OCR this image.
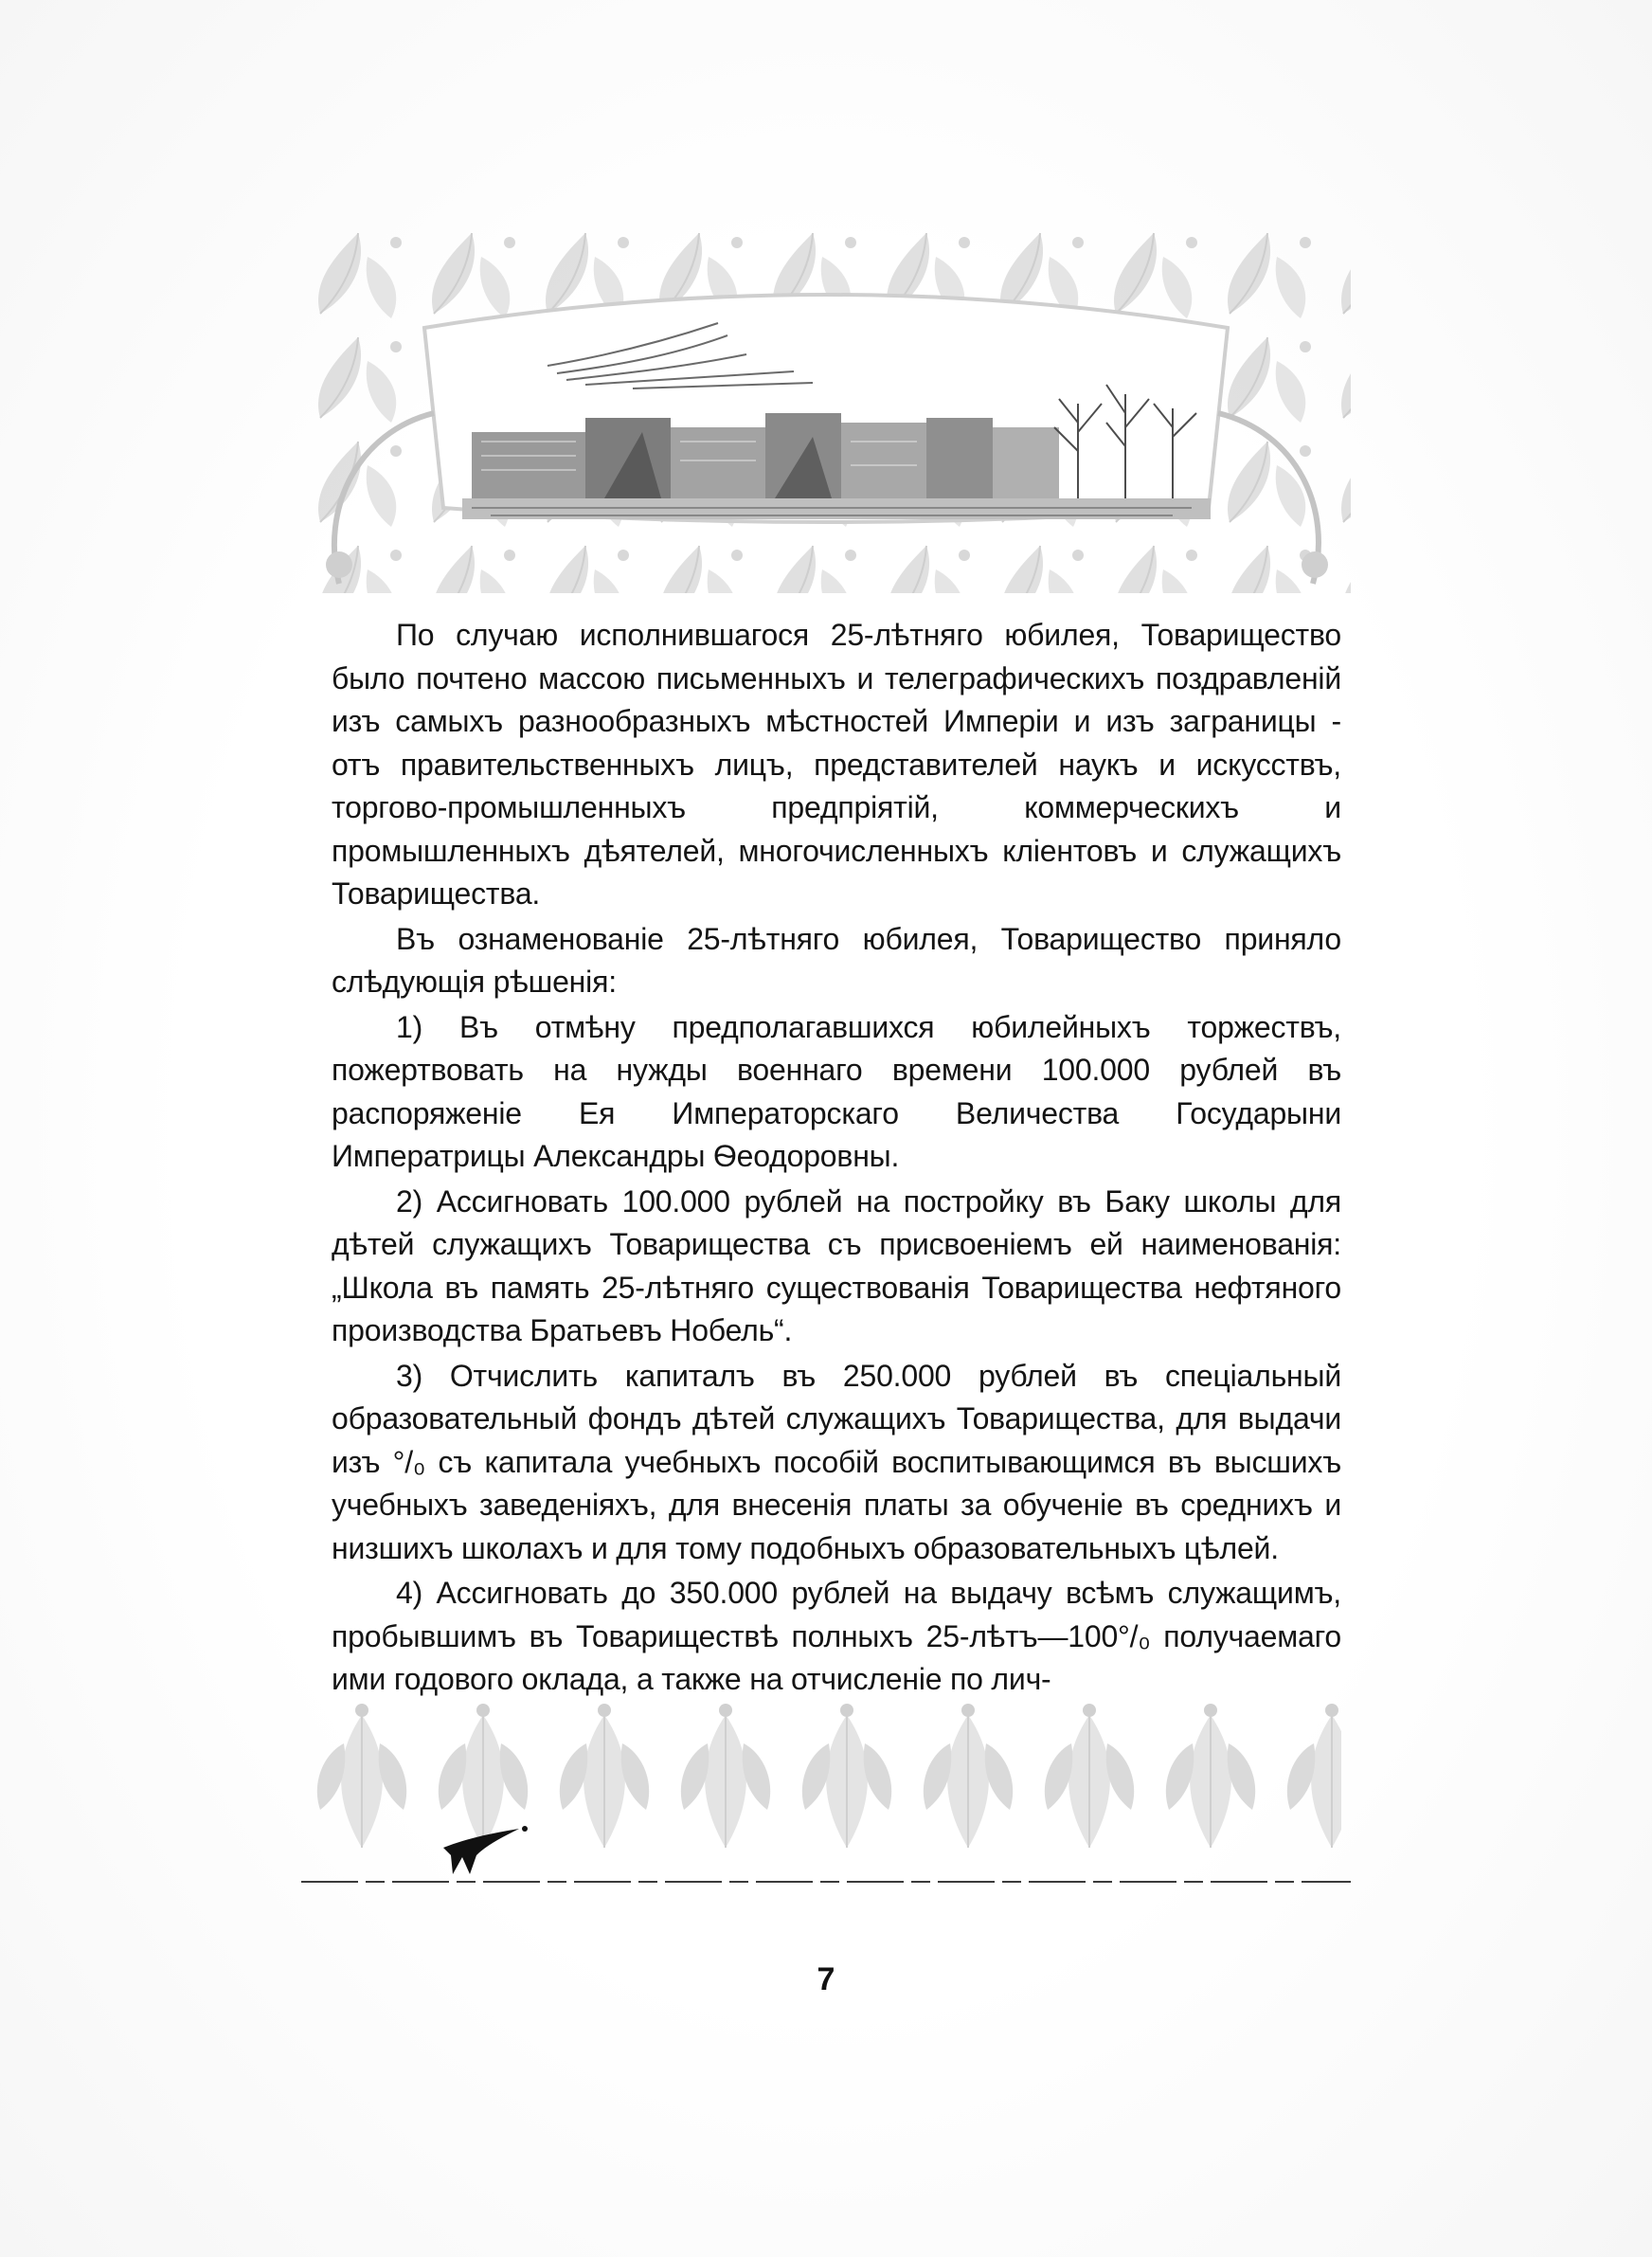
По случаю исполнившагося 25-лѣтняго юбилея, Товарищество было почтено массою письменныхъ и телеграфическихъ поздравленій изъ самыхъ разнообразныхъ мѣстностей Имперіи и изъ заграницы - отъ правительственныхъ лицъ, представителей наукъ и искусствъ, торгово-промышленныхъ предпріятій, коммерческихъ и промышленныхъ дѣятелей, многочисленныхъ кліентовъ и служащихъ Товарищества.

Въ ознаменованіе 25-лѣтняго юбилея, Товарищество приняло слѣдующія рѣшенія:

1) Въ отмѣну предполагавшихся юбилейныхъ торжествъ, пожертвовать на нужды военнаго времени 100.000 рублей въ распоряженіе Ея Императорскаго Величества Государыни Императрицы Александры Ѳеодоровны.

2) Ассигновать 100.000 рублей на постройку въ Баку школы для дѣтей служащихъ Товарищества съ присвоеніемъ ей наименованія: „Школа въ память 25-лѣтняго существованія Товарищества нефтяного производства Братьевъ Нобель“.

3) Отчислить капиталъ въ 250.000 рублей въ спеціальный образовательный фондъ дѣтей служащихъ Товарищества, для выдачи изъ °/₀ съ капитала учебныхъ пособій воспитывающимся въ высшихъ учебныхъ заведеніяхъ, для внесенія платы за обученіе въ среднихъ и низшихъ школахъ и для тому подобныхъ образовательныхъ цѣлей.

4) Ассигновать до 350.000 рублей на выдачу всѣмъ служащимъ, пробывшимъ въ Товариществѣ полныхъ 25-лѣтъ—100°/₀ получаемаго ими годового оклада, а также на отчисленіе по лич-

7
